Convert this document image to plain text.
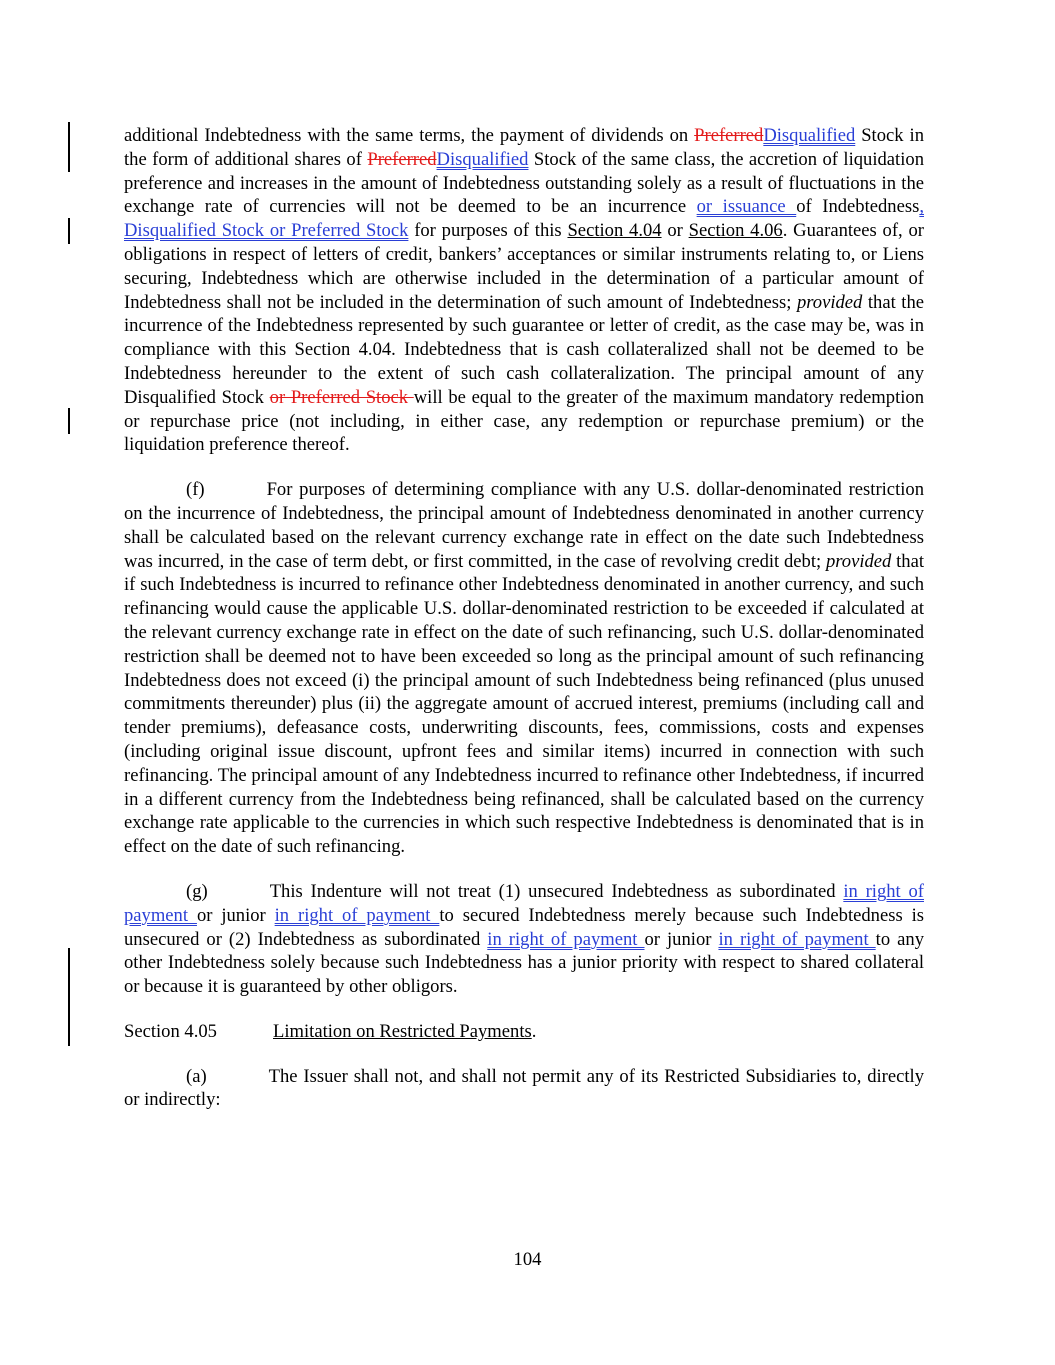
additional Indebtedness with the same terms, the payment of dividends on PreferredDisqualified Stock in the form of additional shares of PreferredDisqualified Stock of the same class, the accretion of liquidation preference and increases in the amount of Indebtedness outstanding solely as a result of fluctuations in the exchange rate of currencies will not be deemed to be an incurrence or issuance of Indebtedness, Disqualified Stock or Preferred Stock for purposes of this Section 4.04 or Section 4.06. Guarantees of, or obligations in respect of letters of credit, bankers’ acceptances or similar instruments relating to, or Liens securing, Indebtedness which are otherwise included in the determination of a particular amount of Indebtedness shall not be included in the determination of such amount of Indebtedness; provided that the incurrence of the Indebtedness represented by such guarantee or letter of credit, as the case may be, was in compliance with this Section 4.04. Indebtedness that is cash collateralized shall not be deemed to be Indebtedness hereunder to the extent of such cash collateralization. The principal amount of any Disqualified Stock or Preferred Stock will be equal to the greater of the maximum mandatory redemption or repurchase price (not including, in either case, any redemption or repurchase premium) or the liquidation preference thereof.

(f)	For purposes of determining compliance with any U.S. dollar-denominated restriction on the incurrence of Indebtedness, the principal amount of Indebtedness denominated in another currency shall be calculated based on the relevant currency exchange rate in effect on the date such Indebtedness was incurred, in the case of term debt, or first committed, in the case of revolving credit debt; provided that if such Indebtedness is incurred to refinance other Indebtedness denominated in another currency, and such refinancing would cause the applicable U.S. dollar-denominated restriction to be exceeded if calculated at the relevant currency exchange rate in effect on the date of such refinancing, such U.S. dollar-denominated restriction shall be deemed not to have been exceeded so long as the principal amount of such refinancing Indebtedness does not exceed (i) the principal amount of such Indebtedness being refinanced (plus unused commitments thereunder) plus (ii) the aggregate amount of accrued interest, premiums (including call and tender premiums), defeasance costs, underwriting discounts, fees, commissions, costs and expenses (including original issue discount, upfront fees and similar items) incurred in connection with such refinancing. The principal amount of any Indebtedness incurred to refinance other Indebtedness, if incurred in a different currency from the Indebtedness being refinanced, shall be calculated based on the currency exchange rate applicable to the currencies in which such respective Indebtedness is denominated that is in effect on the date of such refinancing.

(g)	This Indenture will not treat (1) unsecured Indebtedness as subordinated in right of payment or junior in right of payment to secured Indebtedness merely because such Indebtedness is unsecured or (2) Indebtedness as subordinated in right of payment or junior in right of payment to any other Indebtedness solely because such Indebtedness has a junior priority with respect to shared collateral or because it is guaranteed by other obligors.

Section 4.05	Limitation on Restricted Payments.

(a)	The Issuer shall not, and shall not permit any of its Restricted Subsidiaries to, directly or indirectly:

104
